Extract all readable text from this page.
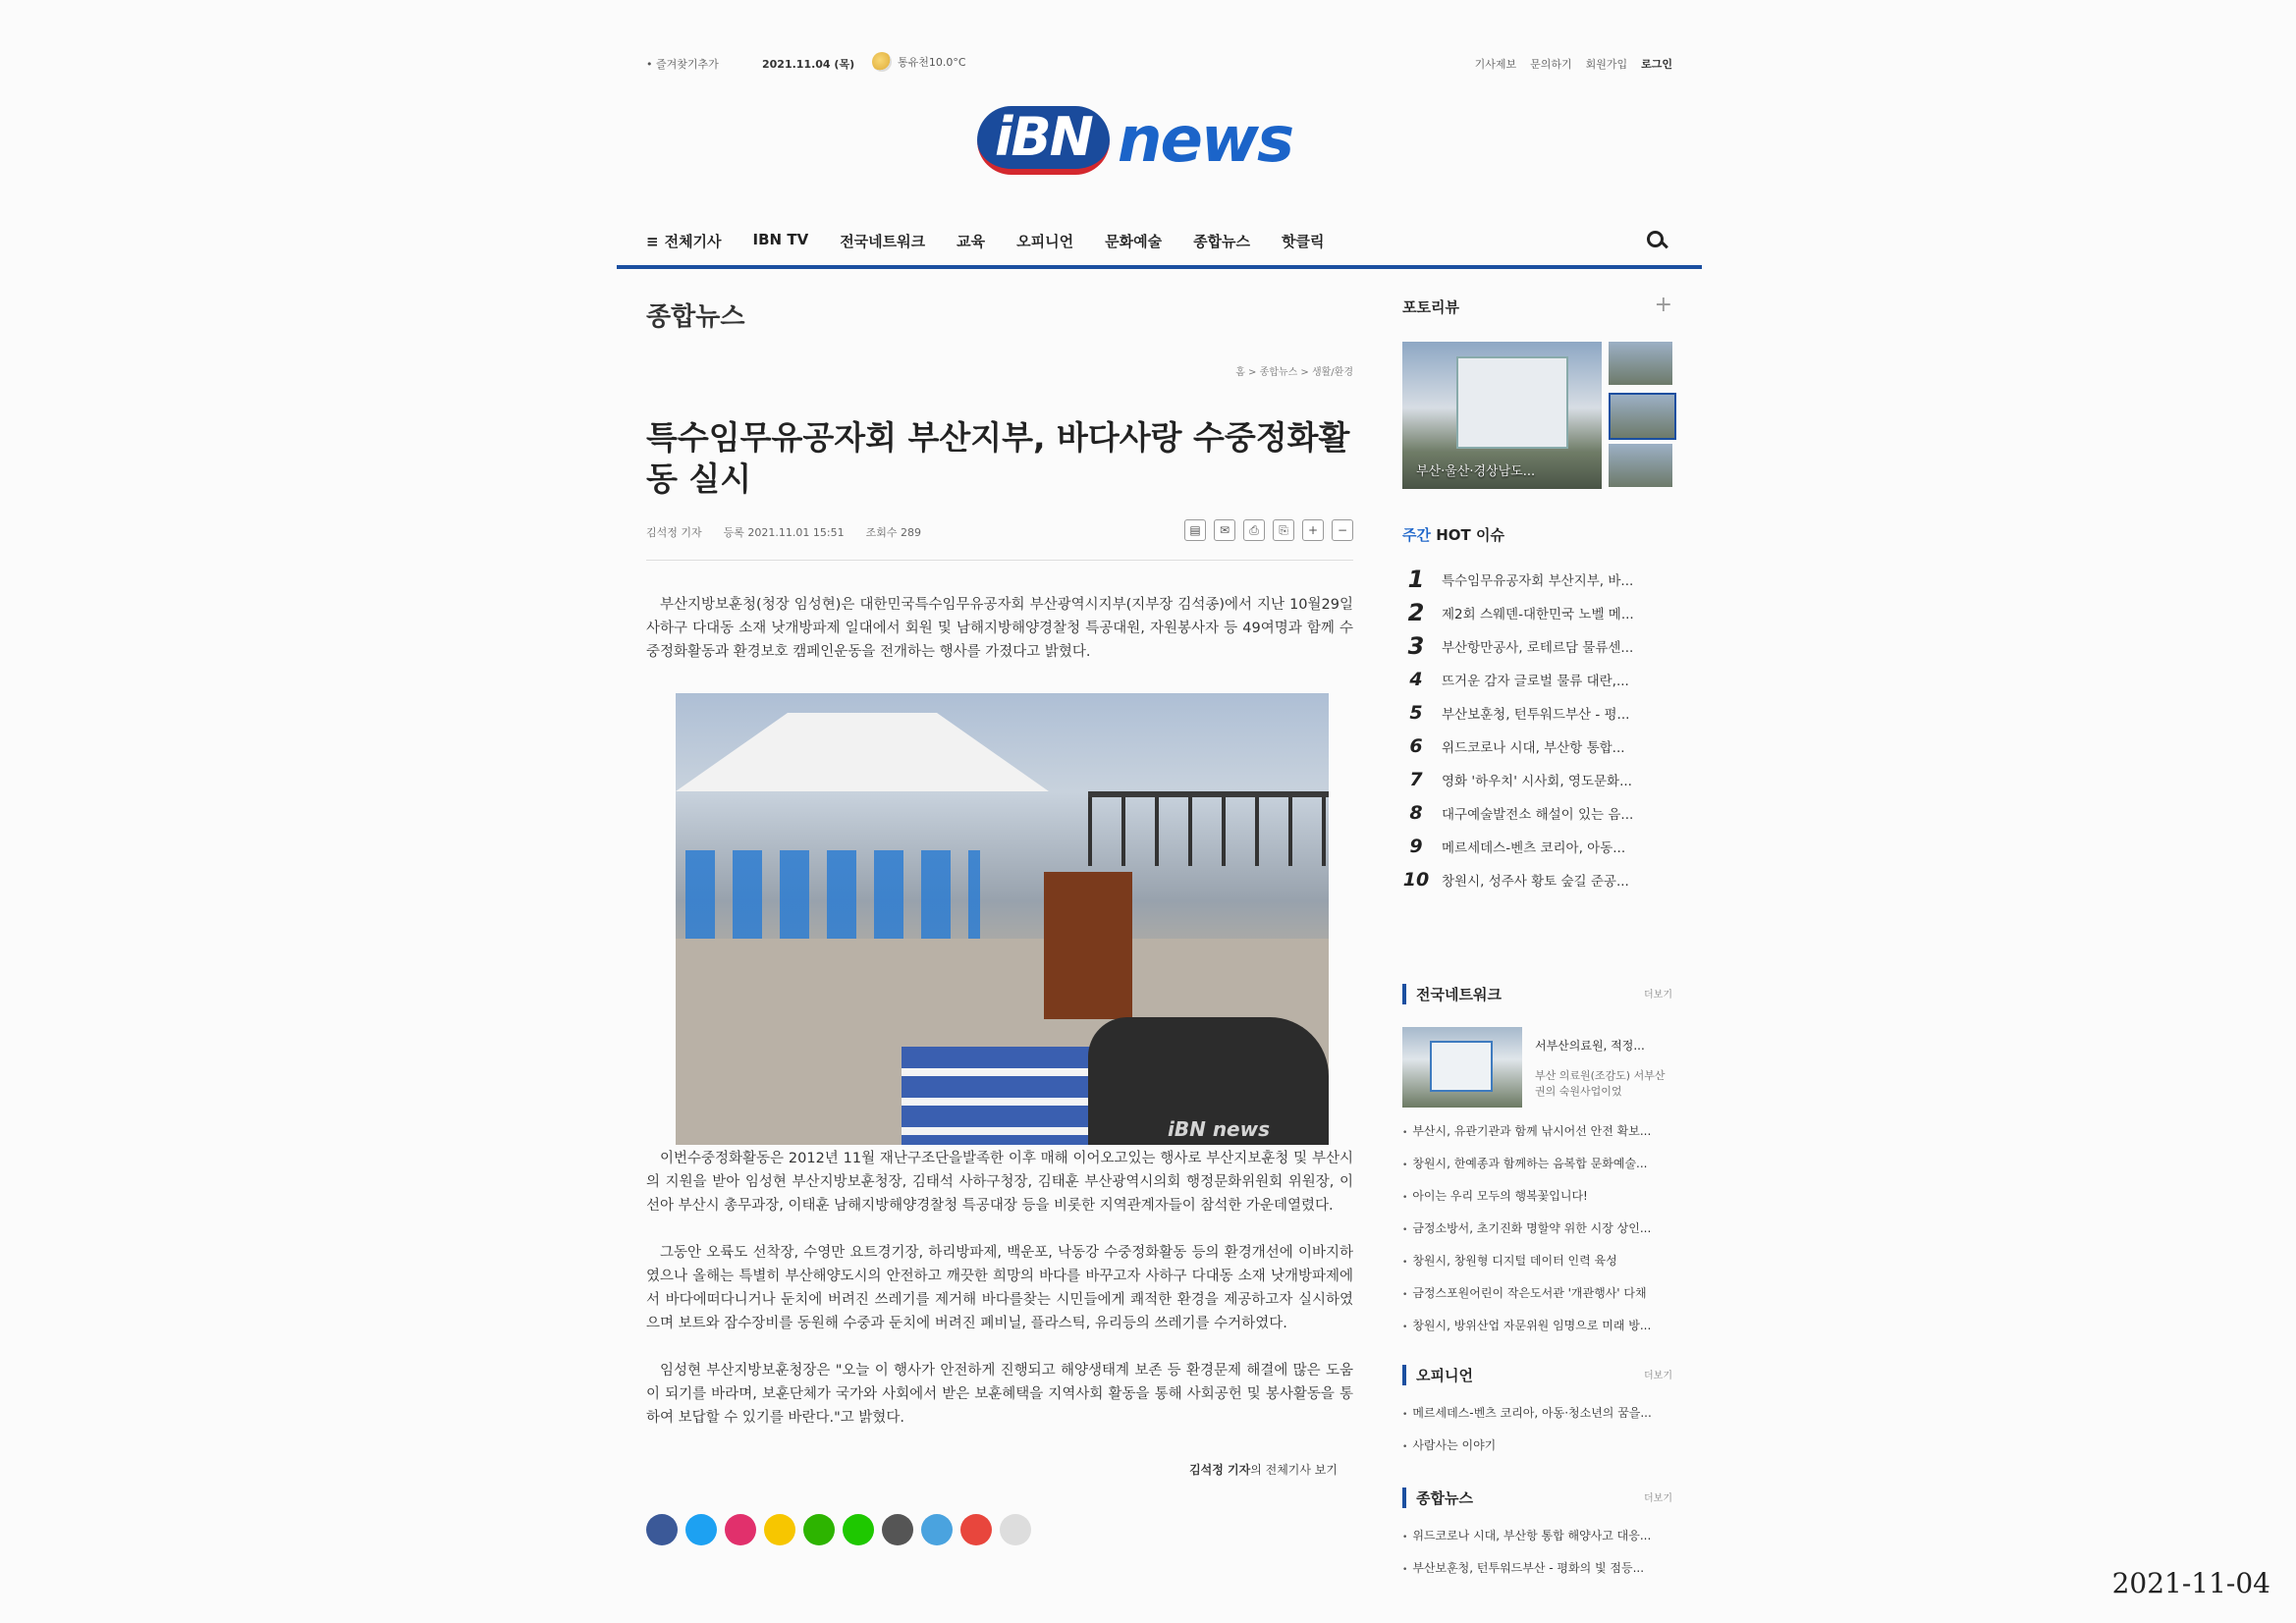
• 즐겨찾기추가	2021.11.04 (목)	통유천10.0°C	기사제보 문의하기 회원가입 로그인
iBN news
≡ 전체기사 IBN TV 전국네트워크 교육 오피니언 문화예술 종합뉴스 핫클릭
종합뉴스
홈 > 종합뉴스 > 생활/환경
특수임무유공자회 부산지부, 바다사랑 수중정화활동 실시
김석정 기자 등록 2021.11.01 15:51 조회수 289	▤	✉	⎙	⎘	+	−

부산지방보훈청(청장 임성현)은 대한민국특수임무유공자회 부산광역시지부(지부장 김석종)에서 지난 10월29일 사하구 다대동 소재 낫개방파제 일대에서 회원 및 남해지방해양경찰청 특공대원, 자원봉사자 등 49여명과 함께 수중정화활동과 환경보호 캠페인운동을 전개하는 행사를 가졌다고 밝혔다.

iBN news

이번수중정화활동은 2012년 11월 재난구조단을발족한 이후 매해 이어오고있는 행사로 부산지보훈청 및 부산시의 지원을 받아 임성현 부산지방보훈청장, 김태석 사하구청장, 김태훈 부산광역시의회 행정문화위원회 위원장, 이선아 부산시 총무과장, 이태훈 남해지방해양경찰청 특공대장 등을 비롯한 지역관계자들이 참석한 가운데열렸다.

그동안 오륙도 선착장, 수영만 요트경기장, 하리방파제, 백운포, 낙동강 수중정화활동 등의 환경개선에 이바지하였으나 올해는 특별히 부산해양도시의 안전하고 깨끗한 희망의 바다를 바꾸고자 사하구 다대동 소재 낫개방파제에서 바다에떠다니거나 둔치에 버려진 쓰레기를 제거해 바다를찾는 시민들에게 쾌적한 환경을 제공하고자 실시하였으며 보트와 잠수장비를 동원해 수중과 둔치에 버려진 폐비닐, 플라스틱, 유리등의 쓰레기를 수거하였다.

임성현 부산지방보훈청장은 "오늘 이 행사가 안전하게 진행되고 해양생태계 보존 등 환경문제 해결에 많은 도움이 되기를 바라며, 보훈단체가 국가와 사회에서 받은 보훈혜택을 지역사회 활동을 통해 사회공헌 및 봉사활동을 통하여 보답할 수 있기를 바란다."고 밝혔다.

김석정 기자의 전체기사 보기
포토리뷰	+
부산·울산·경상남도...
주간 HOT 이슈
1	특수임무유공자회 부산지부, 바...
2	제2회 스웨덴-대한민국 노벨 메...
3	부산항만공사, 로테르담 물류센...
4	뜨거운 감자 글로벌 물류 대란,...
5	부산보훈청, 턴투워드부산 - 평...
6	위드코로나 시대, 부산항 통합...
7	영화 '하우치' 시사회, 영도문화...
8	대구예술발전소 해설이 있는 음...
9	메르세데스-벤츠 코리아, 아동...
10 창원시, 성주사 황토 숲길 준공...
전국네트워크	더보기
서부산의료원, 적정...
부산 의료원(조감도) 서부산권의 숙원사업이었
• 부산시, 유관기관과 함께 낚시어선 안전 확보...
• 창원시, 한예종과 함께하는 음복합 문화예술...
• 아이는 우리 모두의 행복꽃입니다!
• 금정소방서, 초기진화 명할약 위한 시장 상인...
• 창원시, 창원형 디지털 데이터 인력 육성
• 금정스포원어린이 작은도서관 '개관행사' 다채
• 창원시, 방위산업 자문위원 임명으로 미래 방...
오피니언	더보기
• 메르세데스-벤츠 코리아, 아동·청소년의 꿈을...
• 사람사는 이야기
종합뉴스	더보기
• 위드코로나 시대, 부산항 통합 해양사고 대응...
• 부산보훈청, 턴투워드부산 - 평화의 빛 점등...	2021-11-04
